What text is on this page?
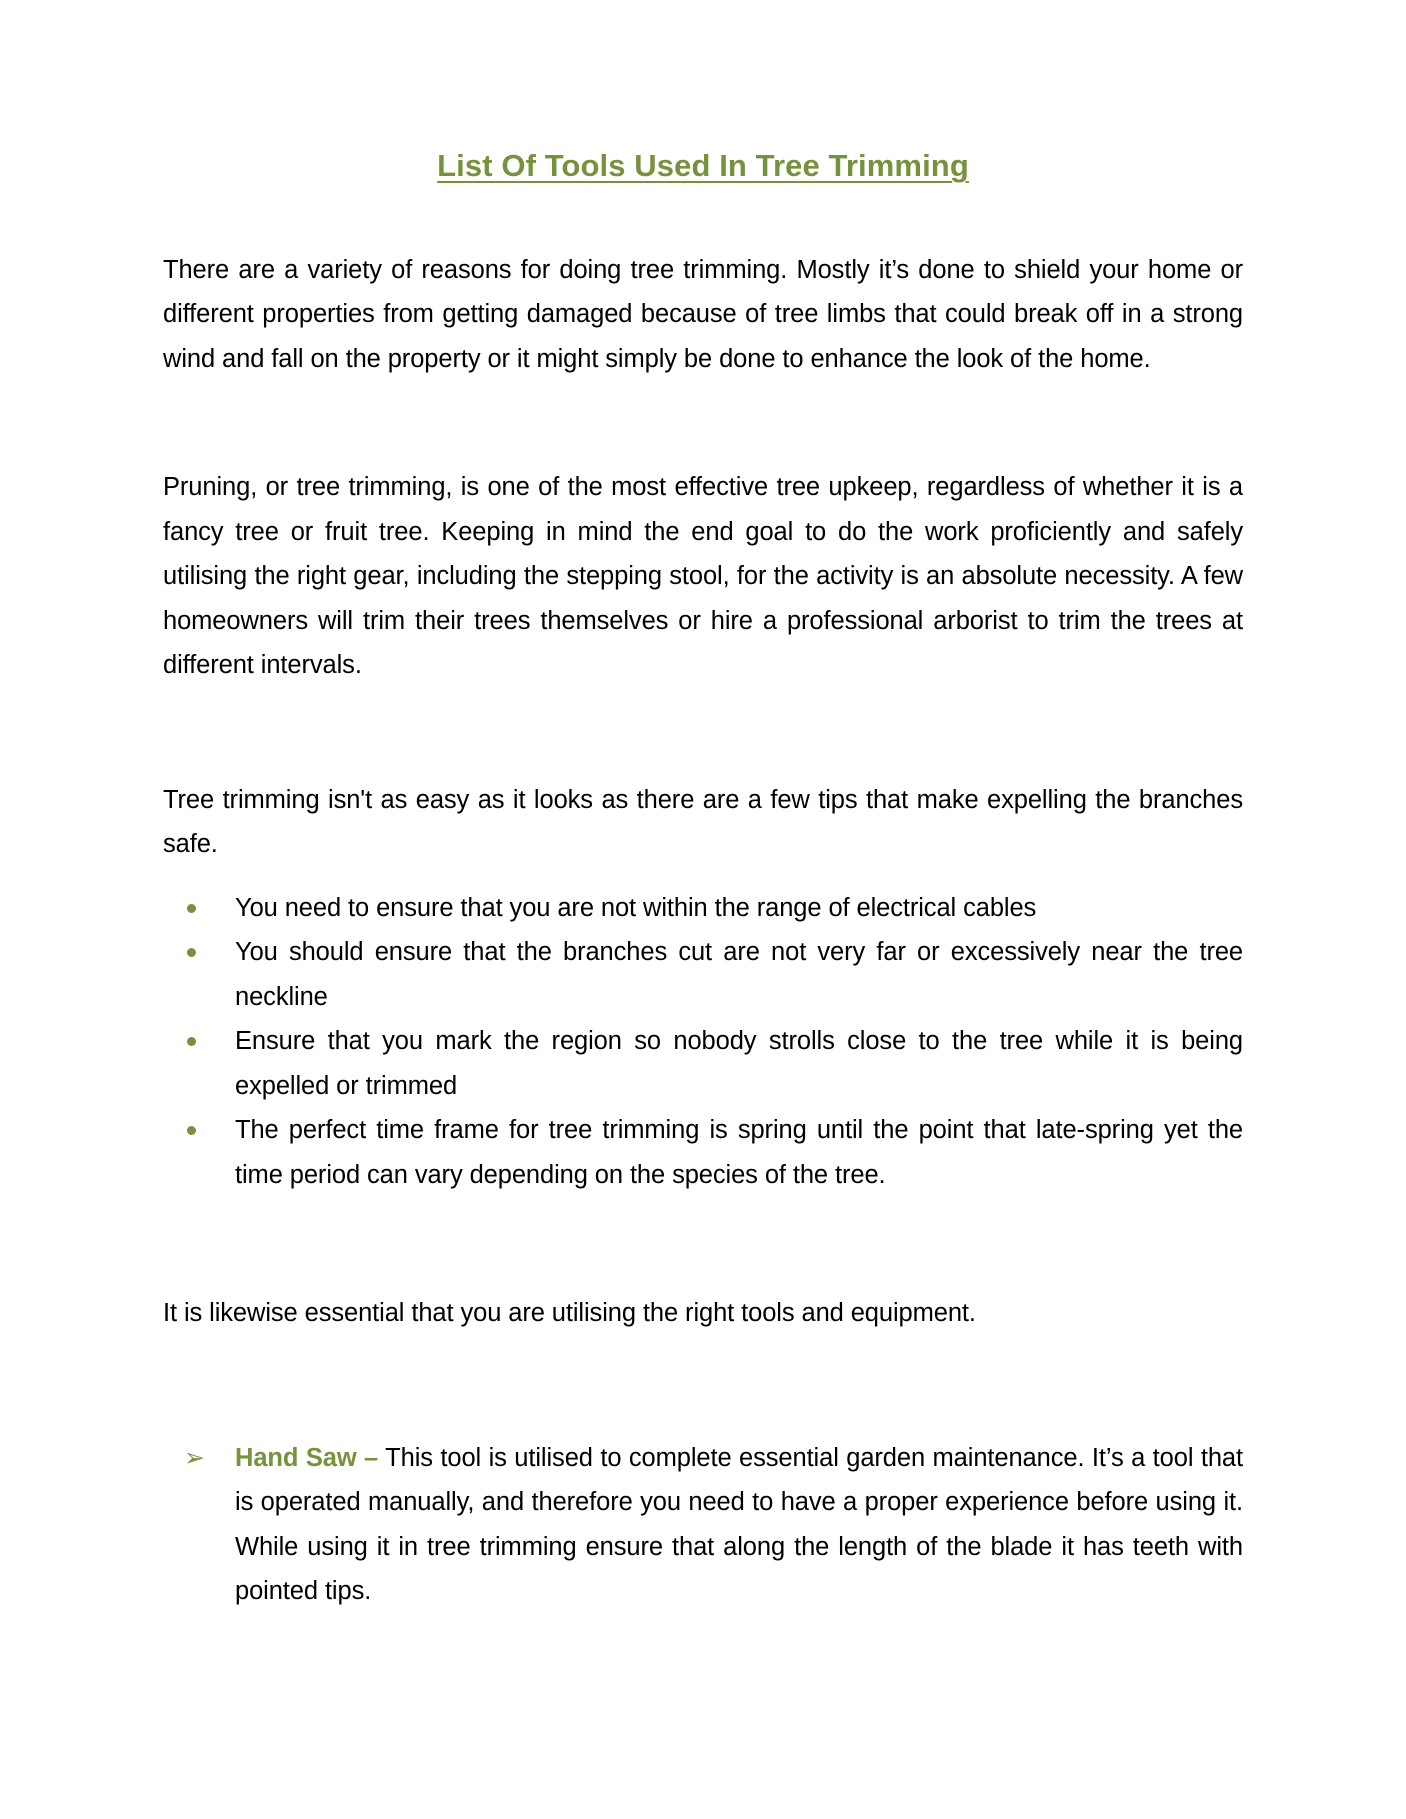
List Of Tools Used In Tree Trimming

There are a variety of reasons for doing tree trimming. Mostly it’s done to shield your home or different properties from getting damaged because of tree limbs that could break off in a strong wind and fall on the property or it might simply be done to enhance the look of the home.

Pruning, or tree trimming, is one of the most effective tree upkeep, regardless of whether it is a fancy tree or fruit tree. Keeping in mind the end goal to do the work proficiently and safely utilising the right gear, including the stepping stool, for the activity is an absolute necessity. A few homeowners will trim their trees themselves or hire a professional arborist to trim the trees at different intervals.

Tree trimming isn't as easy as it looks as there are a few tips that make expelling the branches safe.

You need to ensure that you are not within the range of electrical cables
You should ensure that the branches cut are not very far or excessively near the tree neckline
Ensure that you mark the region so nobody strolls close to the tree while it is being expelled or trimmed
The perfect time frame for tree trimming is spring until the point that late-spring yet the time period can vary depending on the species of the tree.

It is likewise essential that you are utilising the right tools and equipment.

➢ Hand Saw – This tool is utilised to complete essential garden maintenance. It’s a tool that is operated manually, and therefore you need to have a proper experience before using it. While using it in tree trimming ensure that along the length of the blade it has teeth with pointed tips.
